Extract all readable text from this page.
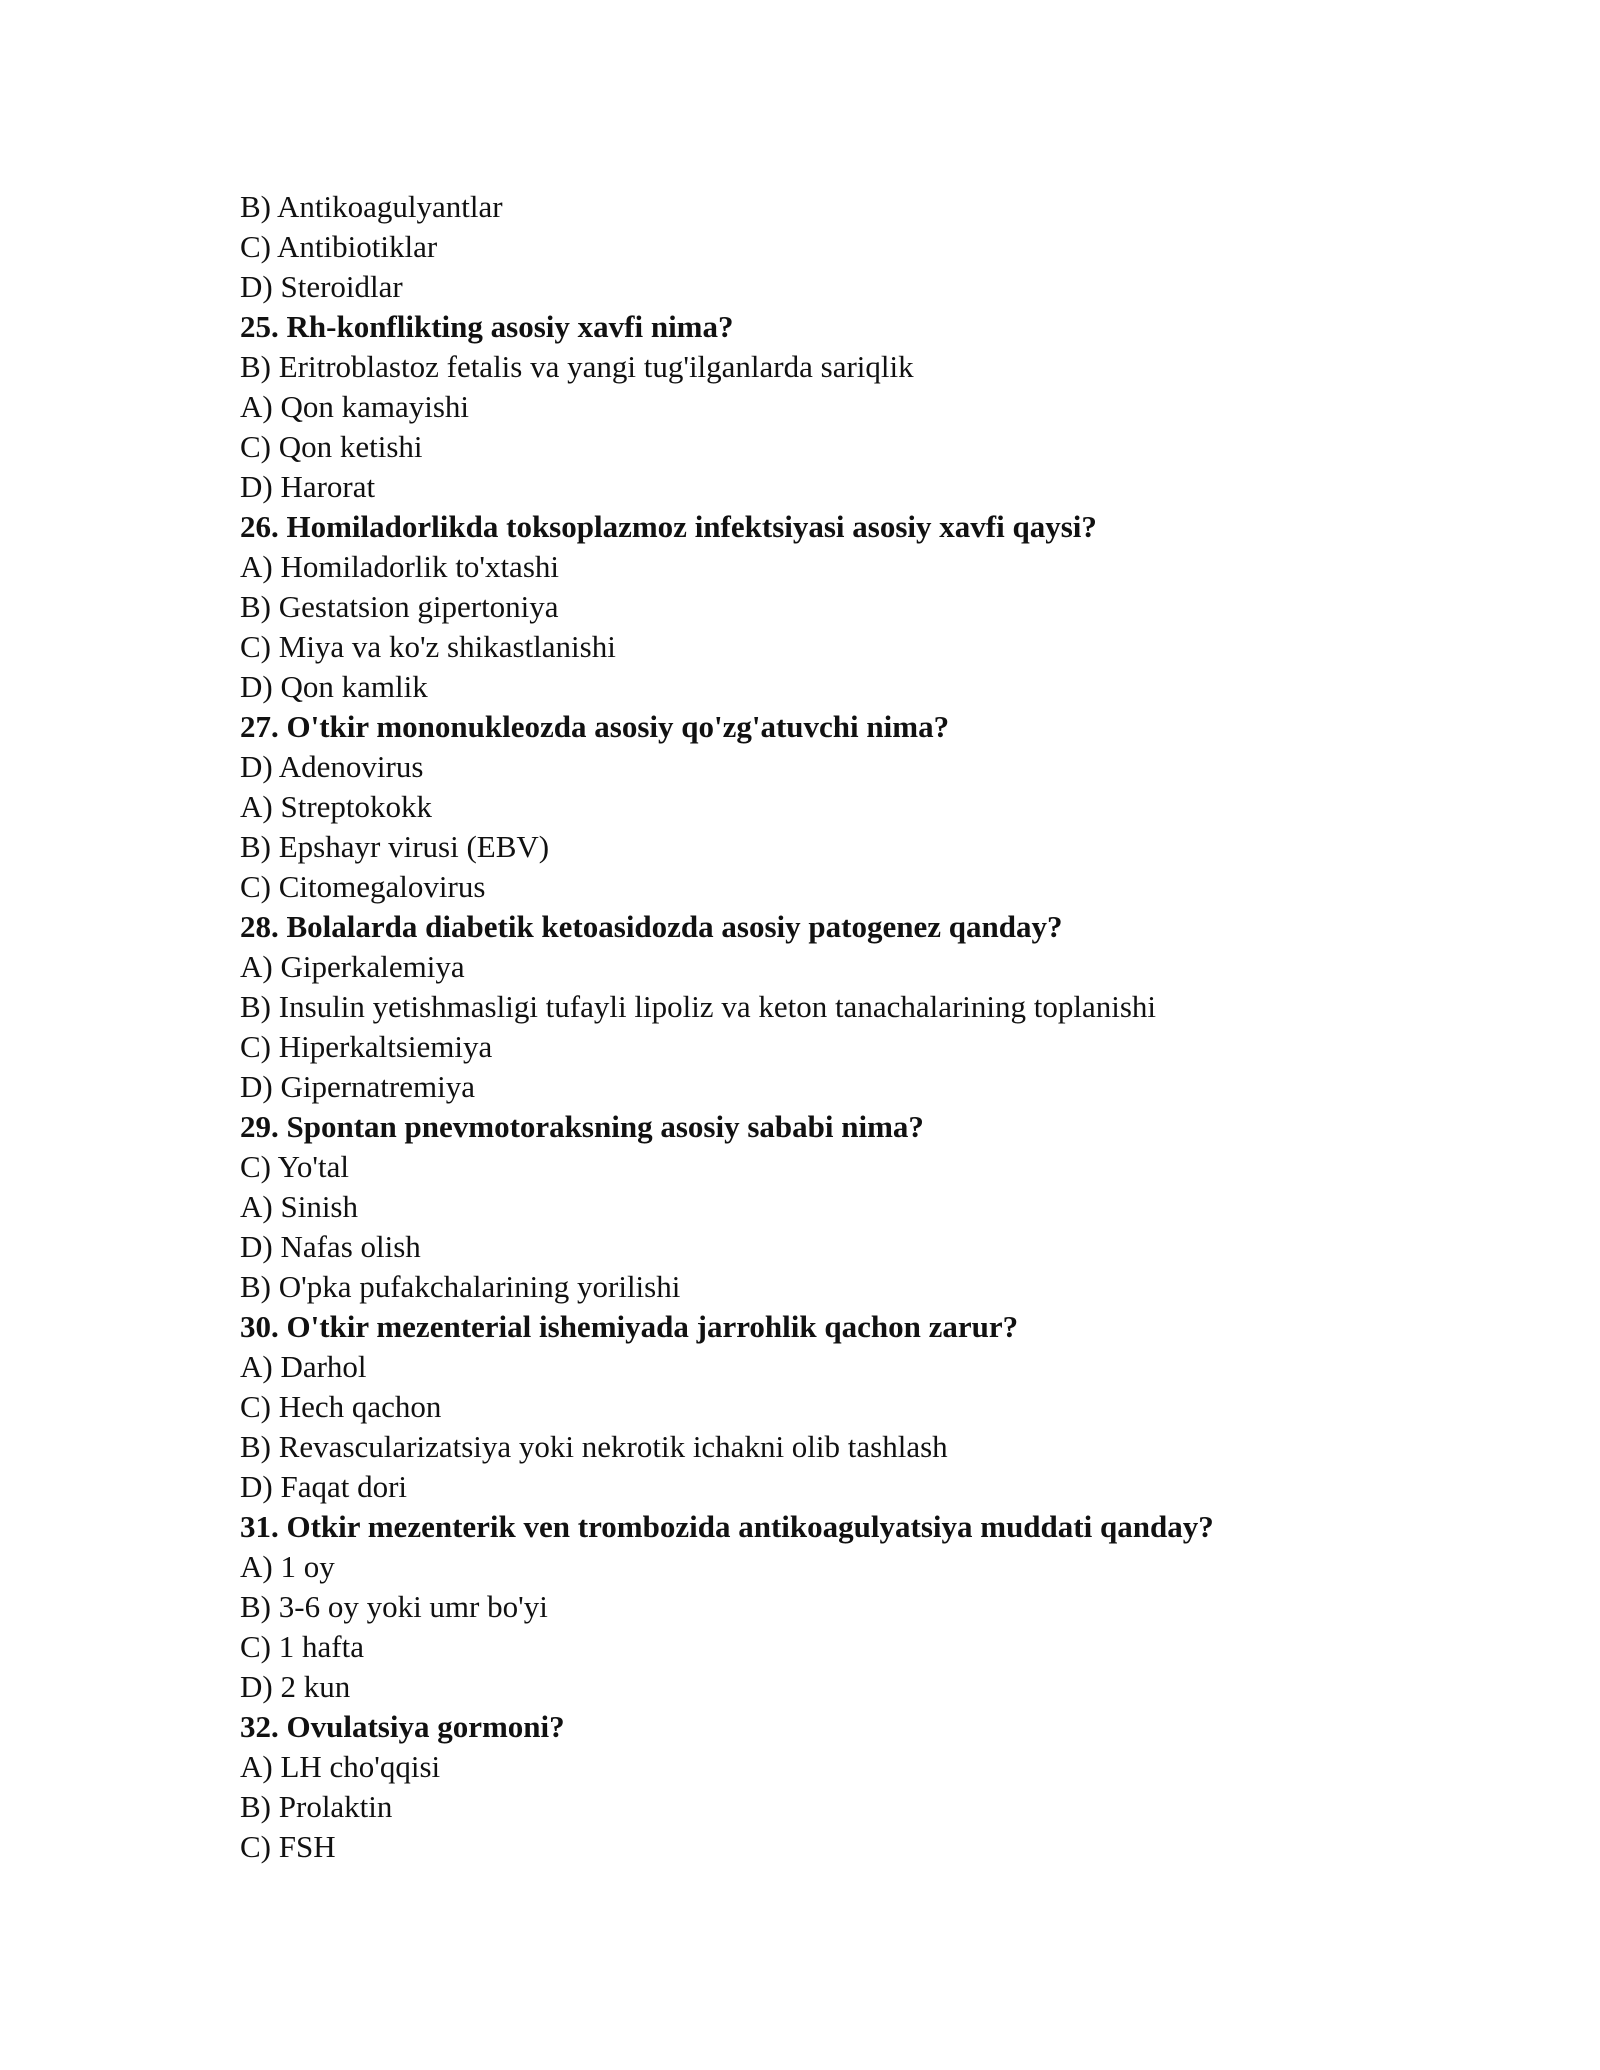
B) Antikoagulyantlar
C) Antibiotiklar
D) Steroidlar
25. Rh-konflikting asosiy xavfi nima?
B) Eritroblastoz fetalis va yangi tug'ilganlarda sariqlik
A) Qon kamayishi
C) Qon ketishi
D) Harorat
26. Homiladorlikda toksoplazmoz infektsiyasi asosiy xavfi qaysi?
A) Homiladorlik to'xtashi
B) Gestatsion gipertoniya
C) Miya va ko'z shikastlanishi
D) Qon kamlik
27. O'tkir mononukleozda asosiy qo'zg'atuvchi nima?
D) Adenovirus
A) Streptokokk
B) Epshayr virusi (EBV)
C) Citomegalovirus
28. Bolalarda diabetik ketoasidozda asosiy patogenez qanday?
A) Giperkalemiya
B) Insulin yetishmasligi tufayli lipoliz va keton tanachalarining toplanishi
C) Hiperkaltsiemiya
D) Gipernatremiya
29. Spontan pnevmotoraksning asosiy sababi nima?
C) Yo'tal
A) Sinish
D) Nafas olish
B) O'pka pufakchalarining yorilishi
30. O'tkir mezenterial ishemiyada jarrohlik qachon zarur?
A) Darhol
C) Hech qachon
B) Revascularizatsiya yoki nekrotik ichakni olib tashlash
D) Faqat dori
31. Otkir mezenterik ven trombozida antikoagulyatsiya muddati qanday?
A) 1 oy
B) 3-6 oy yoki umr bo'yi
C) 1 hafta
D) 2 kun
32. Ovulatsiya gormoni?
A) LH cho'qqisi
B) Prolaktin
C) FSH
